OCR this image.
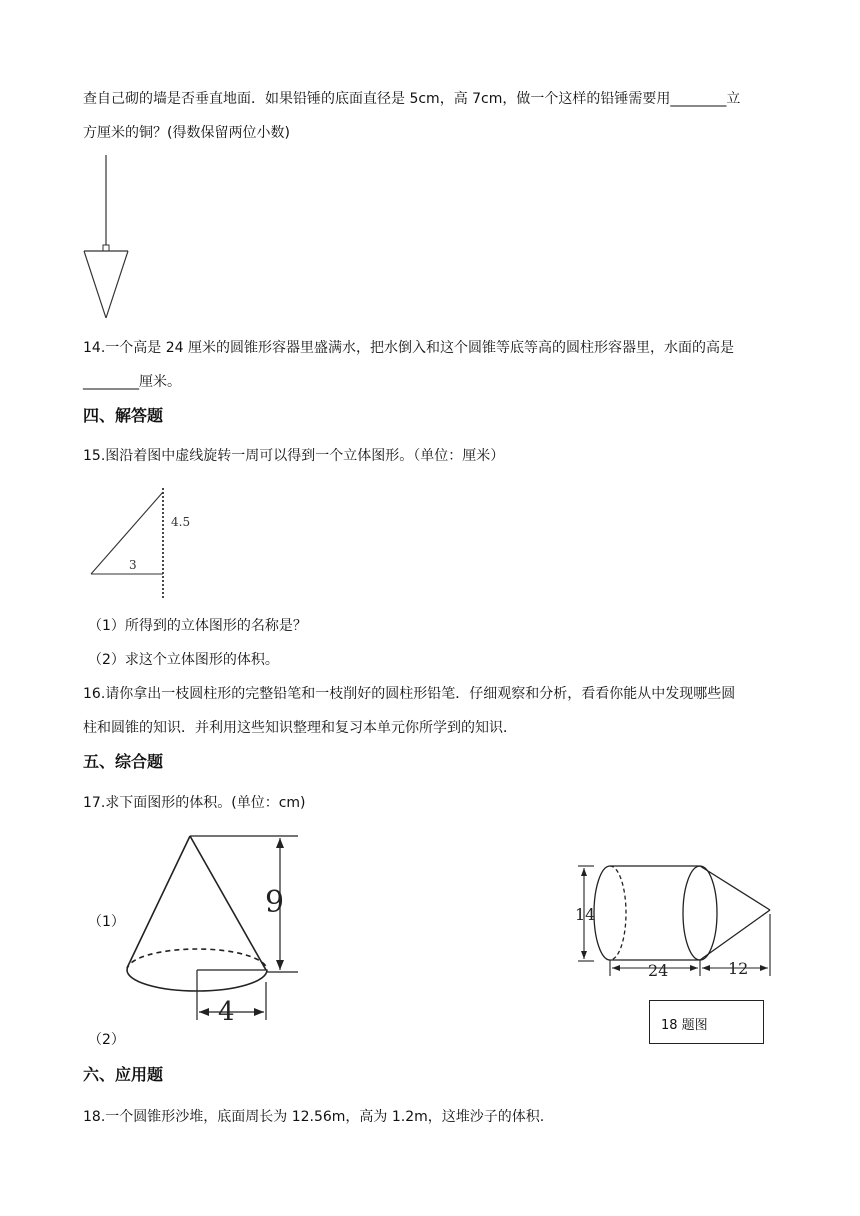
查自己砌的墙是否垂直地面．如果铅锤的底面直径是 5cm，高 7cm，做一个这样的铅锤需要用________立
方厘米的铜？(得数保留两位小数)
14.一个高是 24 厘米的圆锥形容器里盛满水，把水倒入和这个圆锥等底等高的圆柱形容器里，水面的高是
________厘米。
四、解答题
15.图沿着图中虚线旋转一周可以得到一个立体图形。（单位：厘米）
4.5
3
（1）所得到的立体图形的名称是？
（2）求这个立体图形的体积。
16.请你拿出一枝圆柱形的完整铅笔和一枝削好的圆柱形铅笔．仔细观察和分析，看看你能从中发现哪些圆
柱和圆锥的知识．并利用这些知识整理和复习本单元你所学到的知识．
五、综合题
17.求下面图形的体积。(单位：cm)
（1）
（2）
9
4
14
24	12
18 题图
六、应用题
18.一个圆锥形沙堆，底面周长为 12.56m，高为 1.2m，这堆沙子的体积.
